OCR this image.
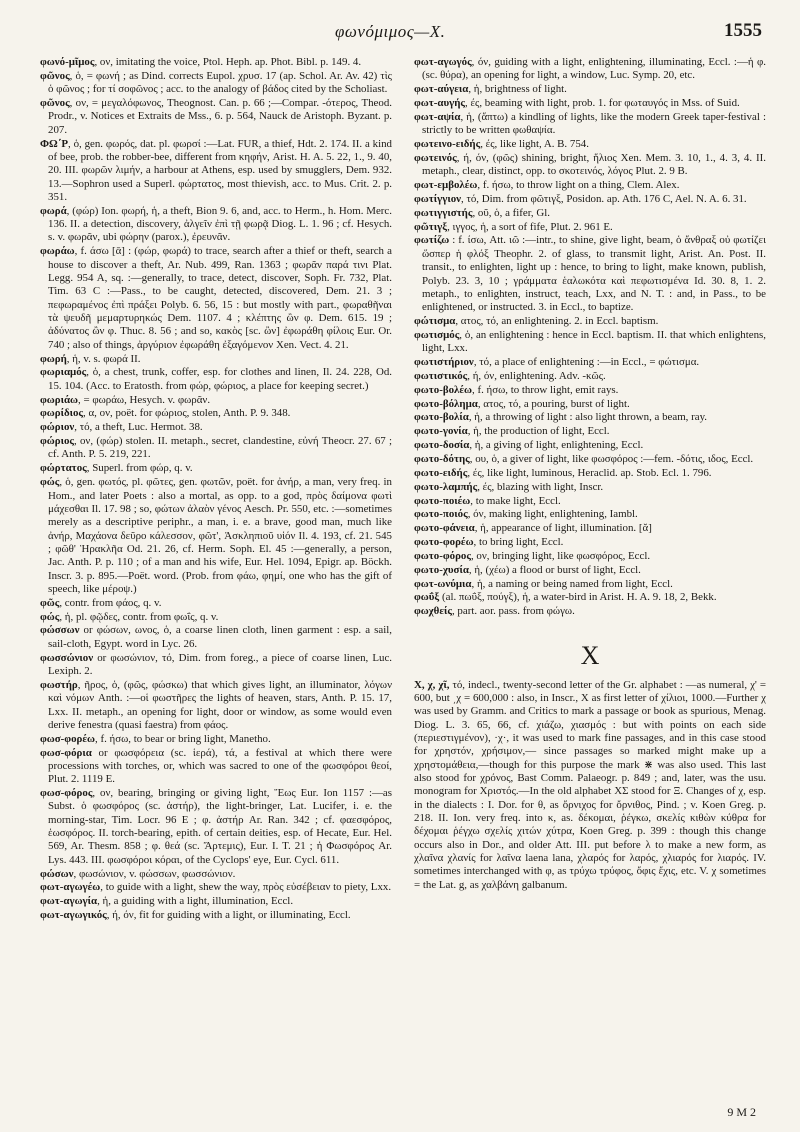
φωνόμιμος—Χ.	1555

φωνό-μῖμος, ον, imitating the voice, Ptol. Heph. ap. Phot. Bibl. p. 149. 4.

φῶνος, ὁ, = φωνή ; as Dind. corrects Eupol. χρυσ. 17 (ap. Schol. Ar. Av. 42) τὶς ὁ φῶνος ; for τί σοφῶνος ; acc. to the analogy of βάδος cited by the Scholiast.

φῶνος, ον, = μεγαλόφωνος, Theognost. Can. p. 66 ;—Compar. -ότερος, Theod. Prodr., v. Notices et Extraits de Mss., 6. p. 564, Nauck de Aristoph. Byzant. p. 207.

ΦΩ΄Ρ, ὁ, gen. φωρός, dat. pl. φωρσί :—Lat. FUR, a thief, Hdt. 2. 174. II. a kind of bee, prob. the robber-bee, different from κηφήν, Arist. H. A. 5. 22, 1., 9. 40, 20. III. φωρῶν λιμήν, a harbour at Athens, esp. used by smugglers, Dem. 932. 13.—Sophron used a Superl. φώρτατος, most thievish, acc. to Mus. Crit. 2. p. 351.

φωρά, (φώρ) Ion. φωρή, ἡ, a theft, Bion 9. 6, and, acc. to Herm., h. Hom. Merc. 136. II. a detection, discovery, ἀλγεῖν ἐπὶ τῇ φωρᾷ Diog. L. 1. 96 ; cf. Hesych. s. v. φωρᾶν, ubi φώρην (parox.), ἐρευνᾶν.

φωράω, f. άσω [ᾱ] : (φώρ, φωρά) to trace, search after a thief or theft, search a house to discover a theft, Ar. Nub. 499, Ran. 1363 ; φωρᾶν παρά τινι Plat. Legg. 954 A, sq. :—generally, to trace, detect, discover, Soph. Fr. 732, Plat. Tim. 63 C :—Pass., to be caught, detected, discovered, Dem. 21. 3 ; πεφωραμένος ἐπὶ πράξει Polyb. 6. 56, 15 : but mostly with part., φωραθῆναι τὰ ψευδῆ μεμαρτυρηκώς Dem. 1107. 4 ; κλέπτης ὢν φ. Dem. 615. 19 ; ἀδύνατος ὢν φ. Thuc. 8. 56 ; and so, κακὸς [sc. ὢν] ἐφωράθη φίλοις Eur. Or. 740 ; also of things, ἀργύριον ἐφωράθη ἐξαγόμενον Xen. Vect. 4. 21.

φωρή, ἡ, v. s. φωρά II.

φωριαμός, ὁ, a chest, trunk, coffer, esp. for clothes and linen, Il. 24. 228, Od. 15. 104. (Acc. to Eratosth. from φώρ, φώριος, a place for keeping secret.)

φωριάω, = φωράω, Hesych. v. φωρᾶν.

φωρίδιος, α, ον, poët. for φώριος, stolen, Anth. P. 9. 348.

φώριον, τό, a theft, Luc. Hermot. 38.

φώριος, ον, (φώρ) stolen. II. metaph., secret, clandestine, εὐνή Theocr. 27. 67 ; cf. Anth. P. 5. 219, 221.

φώρτατος, Superl. from φώρ, q. v.

φώς, ὁ, gen. φωτός, pl. φῶτες, gen. φωτῶν, poët. for ἀνήρ, a man, very freq. in Hom., and later Poets : also a mortal, as opp. to a god, πρὸς δαίμονα φωτὶ μάχεσθαι Il. 17. 98 ; so, φώτων ἀλαὸν γένος Aesch. Pr. 550, etc. :—sometimes merely as a descriptive periphr., a man, i. e. a brave, good man, much like ἀνήρ, Μαχάονα δεῦρο κάλεσσον, φῶτ', Ἀσκληπιοῦ υἱόν Il. 4. 193, cf. 21. 545 ; φῶθ' Ἡρακλῆα Od. 21. 26, cf. Herm. Soph. El. 45 :—generally, a person, Jac. Anth. P. p. 110 ; of a man and his wife, Eur. Hel. 1094, Epigr. ap. Böckh. Inscr. 3. p. 895.—Poët. word. (Prob. from φάω, φημί, one who has the gift of speech, like μέροψ.)

φῶς, contr. from φάος, q. v.

φώς, ἡ, pl. φῷδες, contr. from φωΐς, q. v.

φώσσων or φώσων, ωνος, ὁ, a coarse linen cloth, linen garment : esp. a sail, sail-cloth, Egypt. word in Lyc. 26.

φωσσώνιον or φωσώνιον, τό, Dim. from foreg., a piece of coarse linen, Luc. Lexiph. 2.

φωστήρ, ῆρος, ὁ, (φῶς, φώσκω) that which gives light, an illuminator, λόγων καὶ νόμων Anth. :—οἱ φωστῆρες the lights of heaven, stars, Anth. P. 15. 17, Lxx. II. metaph., an opening for light, door or window, as some would even derive fenestra (quasi faestra) from φάος.

φωσ-φορέω, f. ήσω, to bear or bring light, Manetho.

φωσ-φόρια or φωσφόρεια (sc. ἱερά), τά, a festival at which there were processions with torches, or, which was sacred to one of the φωσφόροι θεοί, Plut. 2. 1119 E.

φωσ-φόρος, ον, bearing, bringing or giving light, Ἕως Eur. Ion 1157 :—as Subst. ὁ φωσφόρος (sc. ἀστήρ), the light-bringer, Lat. Lucifer, i. e. the morning-star, Tim. Locr. 96 E ; φ. ἀστήρ Ar. Ran. 342 ; cf. φαεσφόρος, ἑωσφόρος. II. torch-bearing, epith. of certain deities, esp. of Hecate, Eur. Hel. 569, Ar. Thesm. 858 ; φ. θεά (sc. Ἄρτεμις), Eur. I. T. 21 ; ἡ Φωσφόρος Ar. Lys. 443. III. φωσφόροι κόραι, of the Cyclops' eye, Eur. Cycl. 611.

φώσων, φωσώνιον, v. φώσσων, φωσσώνιον.

φωτ-αγωγέω, to guide with a light, shew the way, πρὸς εὐσέβειαν to piety, Lxx.

φωτ-αγωγία, ἡ, a guiding with a light, illumination, Eccl.

φωτ-αγωγικός, ή, όν, fit for guiding with a light, or illuminating, Eccl.

φωτ-αγωγός, όν, guiding with a light, enlightening, illuminating, Eccl. :—ἡ φ. (sc. θύρα), an opening for light, a window, Luc. Symp. 20, etc.

φωτ-αύγεια, ἡ, brightness of light.

φωτ-αυγής, ές, beaming with light, prob. 1. for φωταυγός in Mss. of Suid.

φωτ-αψία, ἡ, (ἅπτω) a kindling of lights, like the modern Greek taper-festival : strictly to be written φωθαψία.

φωτεινο-ειδής, ές, like light, A. B. 754.

φωτεινός, ή, όν, (φῶς) shining, bright, ἥλιος Xen. Mem. 3. 10, 1., 4. 3, 4. II. metaph., clear, distinct, opp. to σκοτεινός, λόγος Plut. 2. 9 B.

φωτ-εμβολέω, f. ήσω, to throw light on a thing, Clem. Alex.

φωτίγγιον, τό, Dim. from φῶτιγξ, Posidon. ap. Ath. 176 C, Ael. N. A. 6. 31.

φωτιγγιστής, οῦ, ὁ, a fifer, Gl.

φῶτιγξ, ιγγος, ἡ, a sort of fife, Plut. 2. 961 E.

φωτίζω : f. ίσω, Att. ιῶ :—intr., to shine, give light, beam, ὁ ἄνθραξ οὐ φωτίζει ὥσπερ ἡ φλόξ Theophr. 2. of glass, to transmit light, Arist. An. Post. II. transit., to enlighten, light up : hence, to bring to light, make known, publish, Polyb. 23. 3, 10 ; γράμματα ἑαλωκότα καὶ πεφωτισμένα Id. 30. 8, 1. 2. metaph., to enlighten, instruct, teach, Lxx, and N. T. : and, in Pass., to be enlightened, or instructed. 3. in Eccl., to baptize.

φώτισμα, ατος, τό, an enlightening. 2. in Eccl. baptism.

φωτισμός, ὁ, an enlightening : hence in Eccl. baptism. II. that which enlightens, light, Lxx.

φωτιστήριον, τό, a place of enlightening :—in Eccl., = φώτισμα.

φωτιστικός, ή, όν, enlightening. Adv. -κῶς.

φωτο-βολέω, f. ήσω, to throw light, emit rays.

φωτο-βόλημα, ατος, τό, a pouring, burst of light.

φωτο-βολία, ἡ, a throwing of light : also light thrown, a beam, ray.

φωτο-γονία, ἡ, the production of light, Eccl.

φωτο-δοσία, ἡ, a giving of light, enlightening, Eccl.

φωτο-δότης, ου, ὁ, a giver of light, like φωσφόρος :—fem. -δότις, ιδος, Eccl.

φωτο-ειδής, ές, like light, luminous, Heraclid. ap. Stob. Ecl. 1. 796.

φωτο-λαμπής, ές, blazing with light, Inscr.

φωτο-ποιέω, to make light, Eccl.

φωτο-ποιός, όν, making light, enlightening, Iambl.

φωτο-φάνεια, ἡ, appearance of light, illumination. [ᾰ]

φωτο-φορέω, to bring light, Eccl.

φωτο-φόρος, ον, bringing light, like φωσφόρος, Eccl.

φωτο-χυσία, ἡ, (χέω) a flood or burst of light, Eccl.

φωτ-ωνύμια, ἡ, a naming or being named from light, Eccl.

φωΰξ (al. πωΰξ, πούγξ), ἡ, a water-bird in Arist. H. A. 9. 18, 2, Bekk.

φωχθείς, part. aor. pass. from φώγω.

X

X, χ, χῖ, τό, indecl., twenty-second letter of the Gr. alphabet : —as numeral, χ' = 600, but ͵χ = 600,000 : also, in Inscr., X as first letter of χίλιοι, 1000.—Further χ was used by Gramm. and Critics to mark a passage or book as spurious, Menag. Diog. L. 3. 65, 66, cf. χιάζω, χιασμός : but with points on each side (περιεστιγμένον), ·χ·, it was used to mark fine passages, and in this case stood for χρηστόν, χρήσιμον,— since passages so marked might make up a χρηστομάθεια,—though for this purpose the mark ⋇ was also used. This last also stood for χρόνος, Bast Comm. Palaeogr. p. 849 ; and, later, was the usu. monogram for Χριστός.—In the old alphabet XΣ stood for Ξ. Changes of χ, esp. in the dialects : I. Dor. for θ, as ὄρνιχος for ὄρνιθος, Pind. ; v. Koen Greg. p. 218. II. Ion. very freq. into κ, as. δέκομαι, ῥέγκω, σκελίς κιθὼν κύθρα for δέχομαι ῥέγχω σχελίς χιτών χύτρα, Koen Greg. p. 399 : though this change occurs also in Dor., and older Att. III. put before λ to make a new form, as χλαῖνα χλανίς for λαῖνα laena lana, χλαρός for λαρός, χλιαρός for λιαρός. IV. sometimes interchanged with φ, as τρύχω τρύφος, ὄφις ἔχις, etc. V. χ sometimes = the Lat. g, as χαλβάνη galbanum.

9 M 2
